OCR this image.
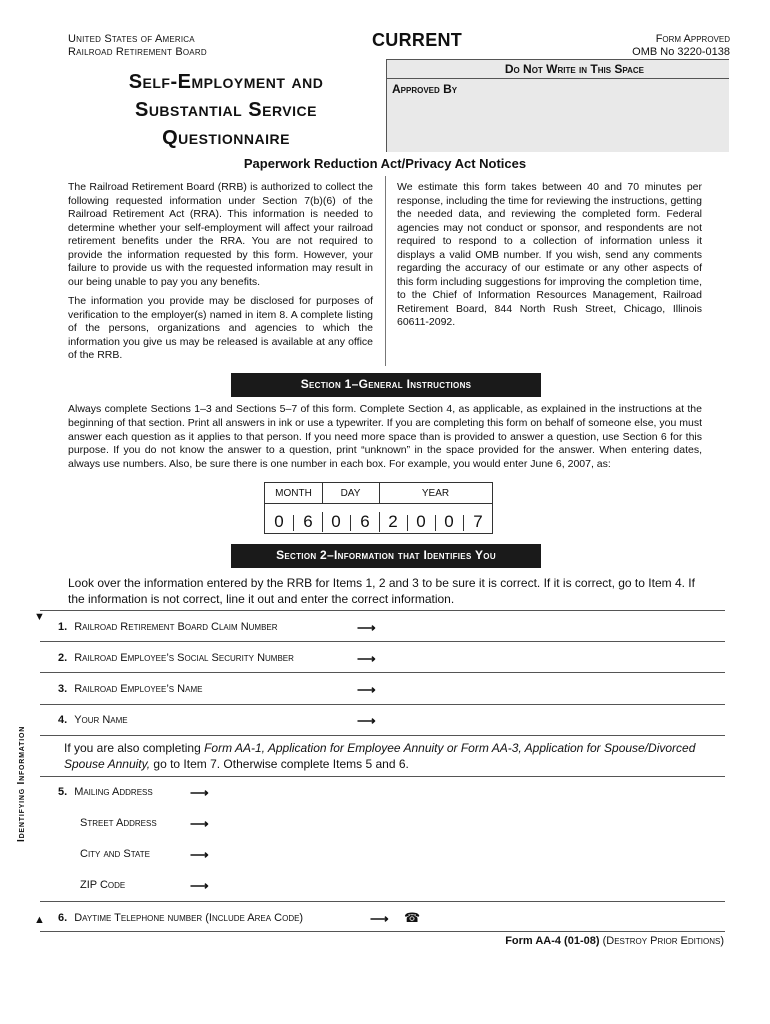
United States of America
Railroad Retirement Board
CURRENT	Form Approved
OMB No 3220-0138
Self-Employment and
Substantial Service
Questionnaire
Do Not Write in This Space
Approved By
Paperwork Reduction Act/Privacy Act Notices

The Railroad Retirement Board (RRB) is authorized to collect the following requested information under Section 7(b)(6) of the Railroad Retirement Act (RRA). This information is needed to determine whether your self-employment will affect your railroad retirement benefits under the RRA. You are not required to provide the information requested by this form. However, your failure to provide us with the requested information may result in our being unable to pay you any benefits.

The information you provide may be disclosed for purposes of verification to the employer(s) named in item 8. A complete listing of the persons, organizations and agencies to which the information you give us may be released is available at any office of the RRB.

We estimate this form takes between 40 and 70 minutes per response, including the time for reviewing the instructions, getting the needed data, and reviewing the completed form. Federal agencies may not conduct or sponsor, and respondents are not required to respond to a collection of information unless it displays a valid OMB number. If you wish, send any comments regarding the accuracy of our estimate or any other aspects of this form including suggestions for improving the completion time, to the Chief of Information Resources Management, Railroad Retirement Board, 844 North Rush Street, Chicago, Illinois 60611-2092.

Section 1–General Instructions
Always complete Sections 1–3 and Sections 5–7 of this form. Complete Section 4, as applicable, as explained in the instructions at the beginning of that section. Print all answers in ink or use a typewriter. If you are completing this form on behalf of someone else, you must answer each question as it applies to that person. If you need more space than is provided to answer a question, use Section 6 for this purpose. If you do not know the answer to a question, print “unknown” in the space provided for the answer. When entering dates, always use numbers. Also, be sure there is one number in each box. For example, you would enter June 6, 2007, as:
MONTH	DAY	YEAR
0	6	0	6	2	0	0	7
Section 2–Information that Identifies You
Look over the information entered by the RRB for Items 1, 2 and 3 to be sure it is correct. If it is correct, go to Item 4. If the information is not correct, line it out and enter the correct information.
▼
Identifying Information
1. Railroad Retirement Board Claim Number	⟶
2. Railroad Employee’s Social Security Number	⟶
3. Railroad Employee’s Name	⟶
4. Your Name	⟶
If you are also completing Form AA-1, Application for Employee Annuity or Form AA-3, Application for Spouse/Divorced Spouse Annuity, go to Item 7. Otherwise complete Items 5 and 6.
5. Mailing Address	⟶
Street Address	⟶
City and State	⟶
ZIP Code	⟶
▲ 6. Daytime Telephone number (Include Area Code)	⟶ ☎
Form AA-4 (01-08) (Destroy Prior Editions)
